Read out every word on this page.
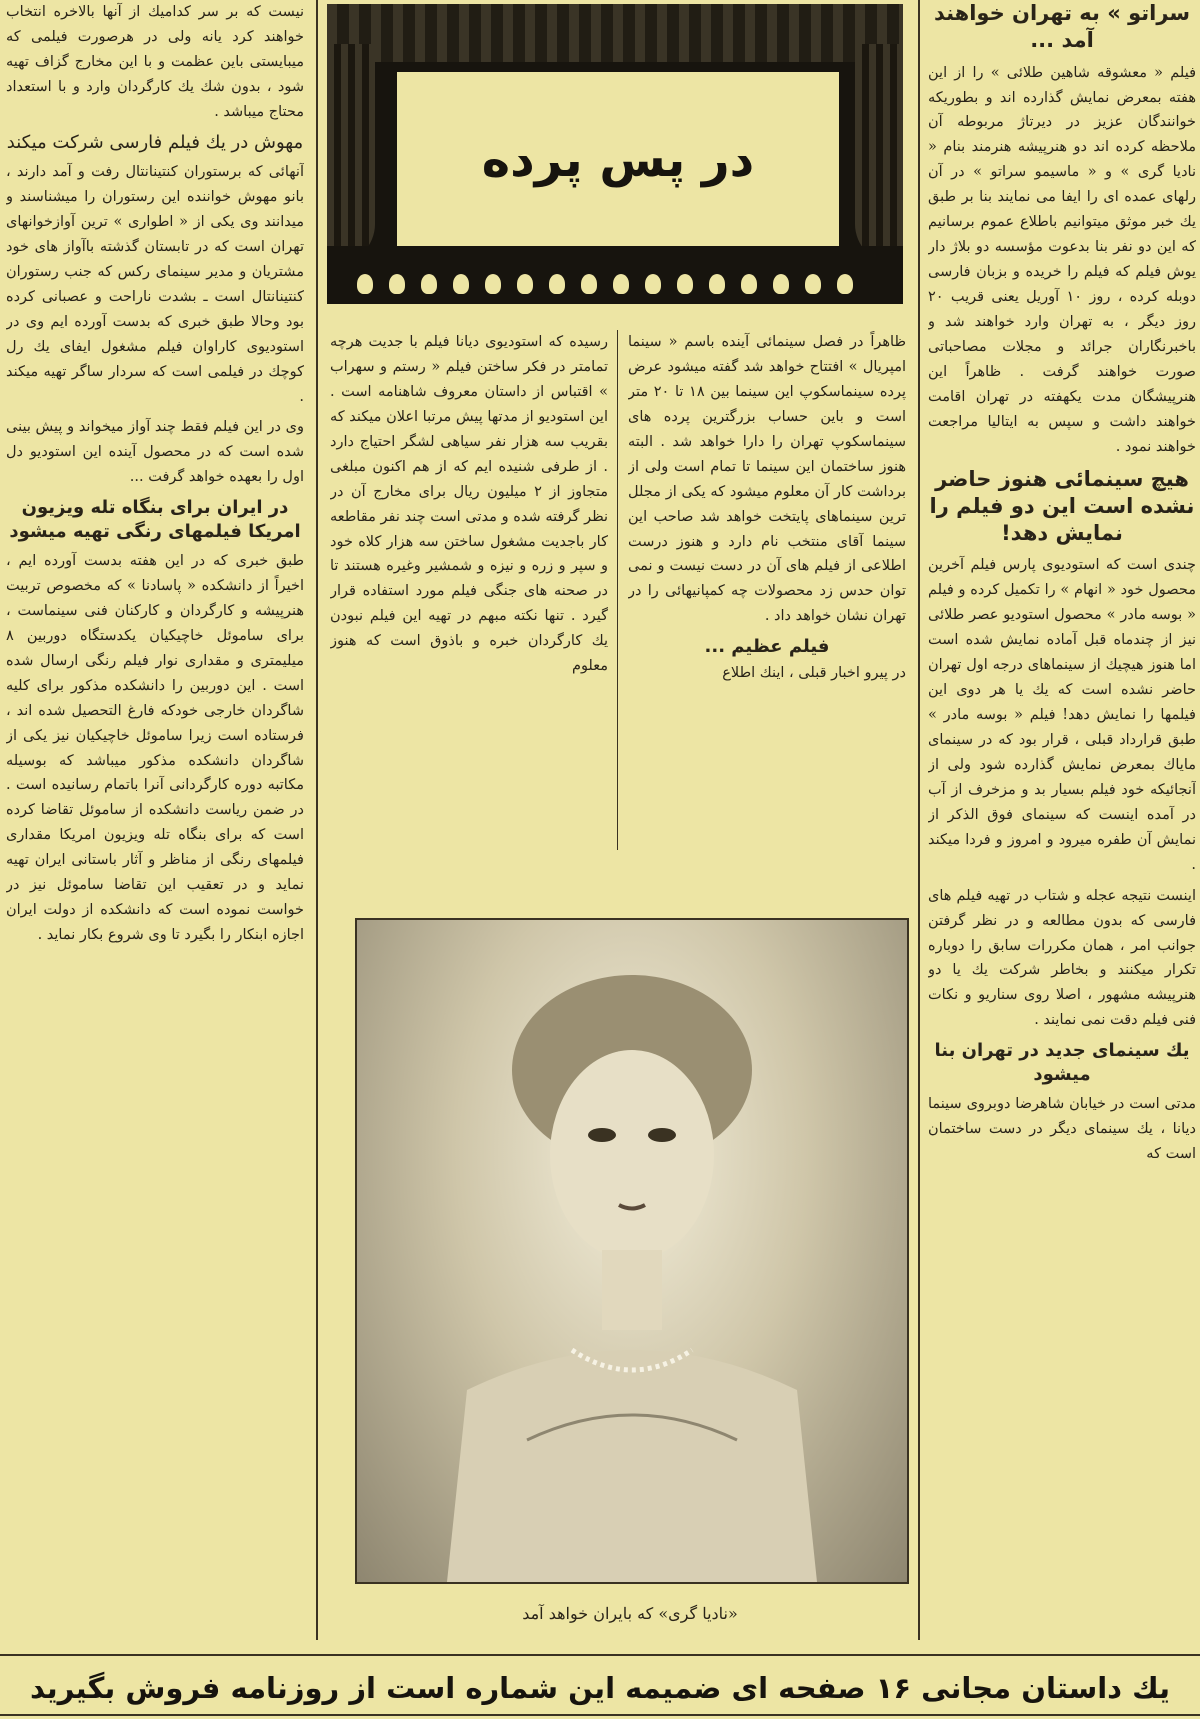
سراتو » به تهران خواهند آمد ...

فیلم « معشوقه شاهین طلائی » را از این هفته بمعرض نمایش گذارده اند و بطوریکه خوانندگان عزیز در دیرتاژ مربوطه آن ملاحظه کرده اند دو هنرپیشه هنرمند بنام « نادیا گری » و « ماسیمو سراتو » در آن رلهای عمده ای را ایفا می نمایند بنا بر طبق یك خبر موثق میتوانیم باطلاع عموم برسانیم که این دو نفر بنا بدعوت مؤسسه دو بلاژ دار یوش فیلم که فیلم را خریده و بزبان فارسی دوبله کرده ، روز ۱۰ آوریل یعنی قریب ۲۰ روز دیگر ، به تهران وارد خواهند شد و باخبرنگاران جرائد و مجلات مصاحباتی صورت خواهند گرفت . ظاهراً این هنرپیشگان مدت یکهفته در تهران اقامت خواهند داشت و سپس به ایتالیا مراجعت خواهند نمود .

هیچ سینمائی هنوز حاضر نشده است این دو فیلم را نمایش دهد!

چندی است که استودیوی پارس فیلم آخرین محصول خود « انهام » را تکمیل کرده و فیلم « بوسه مادر » محصول استودیو عصر طلائی نیز از چندماه قبل آماده نمایش شده است اما هنوز هیچیك از سینماهای درجه اول تهران حاضر نشده است که یك یا هر دوی این فیلمها را نمایش دهد! فیلم « بوسه مادر » طبق قرارداد قبلی ، قرار بود که در سینمای ماياك بمعرض نمایش گذارده شود ولی از آنجائیکه خود فیلم بسیار بد و مزخرف از آب در آمده اینست که سینمای فوق الذکر از نمایش آن طفره میرود و امروز و فردا میکند .

اینست نتیجه عجله و شتاب در تهیه فیلم های فارسی که بدون مطالعه و در نظر گرفتن جوانب امر ، همان مکررات سابق را دوباره تکرار میکنند و بخاطر شرکت یك یا دو هنرپیشه مشهور ، اصلا روی سناریو و نکات فنی فیلم دقت نمی نمایند .

یك سینمای جدید در تهران بنا میشود

مدتی است در خیابان شاهرضا دوبروی سینما دیانا ، یك سینمای دیگر در دست ساختمان است که

در پس پرده

ظاهراً در فصل سینمائی آینده باسم « سینما امپریال » افتتاح خواهد شد گفته میشود عرض پرده سینماسکوپ این سینما بین ۱۸ تا ۲۰ متر است و باین حساب بزرگترین پرده های سینماسکوپ تهران را دارا خواهد شد . البته هنوز ساختمان این سینما تا تمام است ولی از برداشت کار آن معلوم میشود که یکی از مجلل ترین سینماهای پایتخت خواهد شد صاحب این سینما آقای منتخب نام دارد و هنوز درست اطلاعی از فیلم های آن در دست نیست و نمی توان حدس زد محصولات چه کمپانیهائی را در تهران نشان خواهد داد .

فیلم عظیم ...

در پیرو اخبار قبلی ، اینك اطلاع

رسیده که استودیوی دیانا فیلم با جدیت هرچه تمامتر در فکر ساختن فیلم « رستم و سهراب » اقتباس از داستان معروف شاهنامه است . این استودیو از مدتها پیش مرتبا اعلان میکند که بقریب سه هزار نفر سیاهی لشگر احتیاج دارد . از طرفی شنیده ایم که از هم اکنون مبلغی متجاوز از ۲ میلیون ریال برای مخارج آن در نظر گرفته شده و مدتی است چند نفر مقاطعه کار باجدیت مشغول ساختن سه هزار کلاه خود و سپر و زره و نیزه و شمشیر وغیره هستند تا در صحنه های جنگی فیلم مورد استفاده قرار گیرد . تنها نکته مبهم در تهیه این فیلم نبودن یك کارگردان خبره و باذوق است که هنوز معلوم

«نادیا گری» که بایران خواهد آمد

نیست که بر سر کدامیك از آنها بالاخره انتخاب خواهند کرد یانه ولی در هرصورت فیلمی که میبایستی باین عظمت و با این مخارج گزاف تهیه شود ، بدون شك یك کارگردان وارد و با استعداد محتاج میباشد .

مهوش در یك فیلم فارسی شرکت میکند

آنهائی که برستوران کنتینانتال رفت و آمد دارند ، بانو مهوش خواننده این رستوران را میشناسند و میدانند وی یکی از « اطواری » ترین آوازخوانهای تهران است که در تابستان گذشته باآواز های خود مشتریان و مدیر سینمای رکس که جنب رستوران کنتینانتال است ـ بشدت ناراحت و عصبانی کرده بود وحالا طبق خبری که بدست آورده ایم وی در استودیوی کاراوان فیلم مشغول ایفای یك رل کوچك در فیلمی است که سردار ساگر تهیه میکند .

وی در این فیلم فقط چند آواز میخواند و پیش بینی شده است که در محصول آینده این استودیو دل اول را بعهده خواهد گرفت ...

در ایران برای بنگاه تله ویزیون امریکا فیلمهای رنگی تهیه میشود

طبق خبری که در این هفته بدست آورده ایم ، اخیراً از دانشکده « پاسادنا » که مخصوص تربیت هنرپیشه و کارگردان و کارکنان فنی سینماست ، برای ساموئل خاچیکیان یکدستگاه دوربین ۸ میلیمتری و مقداری نوار فیلم رنگی ارسال شده است . این دوربین را دانشکده مذکور برای کلیه شاگردان خارجی خودکه فارغ التحصیل شده اند ، فرستاده است زیرا ساموئل خاچیکیان نیز یکی از شاگردان دانشکده مذکور میباشد که بوسیله مکاتبه دوره کارگردانی آنرا باتمام رسانیده است . در ضمن ریاست دانشکده از ساموئل تقاضا کرده است که برای بنگاه تله ویزیون امریکا مقداری فیلمهای رنگی از مناظر و آثار باستانی ایران تهیه نماید و در تعقیب این تقاضا ساموئل نیز در خواست نموده است که دانشکده از دولت ایران اجازه ابنکار را بگیرد تا وی شروع بکار نماید .

یك داستان مجانی ۱۶ صفحه ای ضمیمه این شماره است از روزنامه فروش بگیرید
